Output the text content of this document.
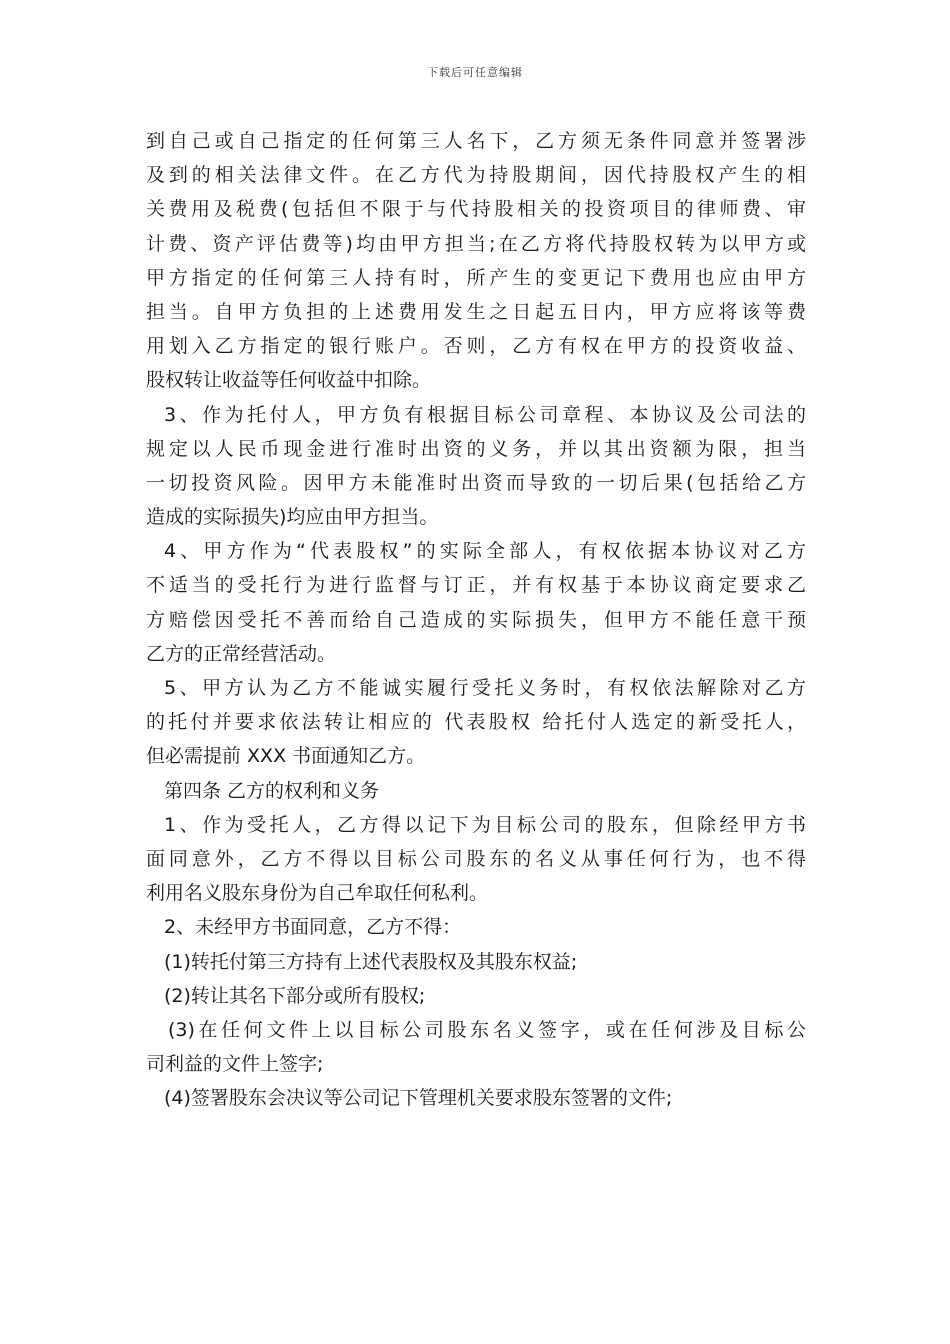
下载后可任意编辑
到自己或自己指定的任何第三人名下，乙方须无条件同意并签署涉
及到的相关法律文件。在乙方代为持股期间，因代持股权产生的相
关费用及税费(包括但不限于与代持股相关的投资项目的律师费、审
计费、资产评估费等)均由甲方担当;在乙方将代持股权转为以甲方或
甲方指定的任何第三人持有时，所产生的变更记下费用也应由甲方
担当。自甲方负担的上述费用发生之日起五日内，甲方应将该等费
用划入乙方指定的银行账户。否则，乙方有权在甲方的投资收益、
股权转让收益等任何收益中扣除。
3、作为托付人，甲方负有根据目标公司章程、本协议及公司法的
规定以人民币现金进行准时出资的义务，并以其出资额为限，担当
一切投资风险。因甲方未能准时出资而导致的一切后果(包括给乙方
造成的实际损失)均应由甲方担当。
4、甲方作为“代表股权”的实际全部人，有权依据本协议对乙方
不适当的受托行为进行监督与订正，并有权基于本协议商定要求乙
方赔偿因受托不善而给自己造成的实际损失，但甲方不能任意干预
乙方的正常经营活动。
5、甲方认为乙方不能诚实履行受托义务时，有权依法解除对乙方
的托付并要求依法转让相应的 代表股权 给托付人选定的新受托人，
但必需提前 XXX 书面通知乙方。
第四条 乙方的权利和义务
1、作为受托人，乙方得以记下为目标公司的股东，但除经甲方书
面同意外，乙方不得以目标公司股东的名义从事任何行为，也不得
利用名义股东身份为自己牟取任何私利。
2、未经甲方书面同意，乙方不得：
(1)转托付第三方持有上述代表股权及其股东权益;
(2)转让其名下部分或所有股权;
(3)在任何文件上以目标公司股东名义签字，或在任何涉及目标公
司利益的文件上签字;
(4)签署股东会决议等公司记下管理机关要求股东签署的文件;
